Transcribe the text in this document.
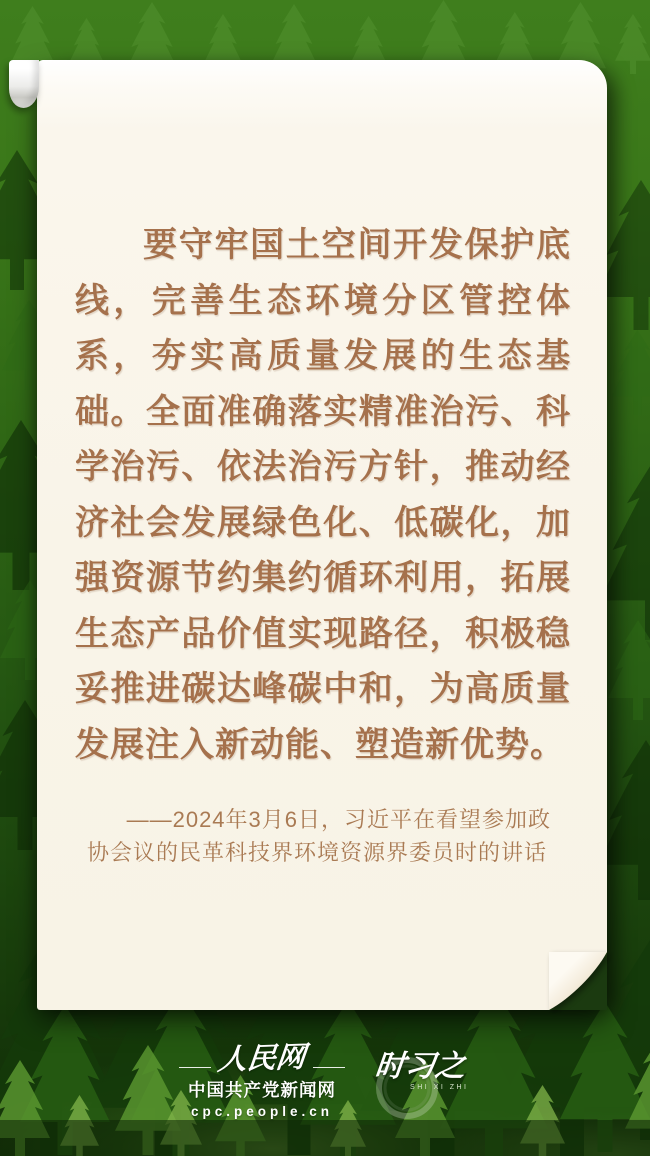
要守牢国土空间开发保护底线，完善生态环境分区管控体系，夯实高质量发展的生态基础。全面准确落实精准治污、科学治污、依法治污方针，推动经济社会发展绿色化、低碳化，加强资源节约集约循环利用，拓展生态产品价值实现路径，积极稳妥推进碳达峰碳中和，为高质量发展注入新动能、塑造新优势。

——2024年3月6日，习近平在看望参加政协会议的民革科技界环境资源界委员时的讲话

人民网
中国共产党新闻网
cpc.people.cn
时习之
SHI XI ZHI
